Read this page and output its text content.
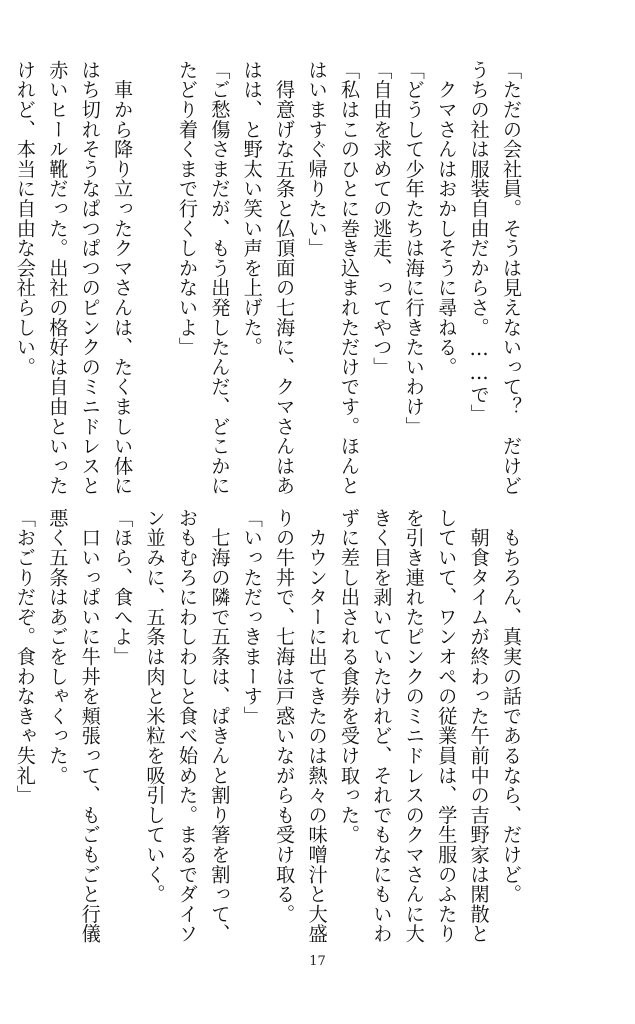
「ただの会社員。そうは見えないって？　だけど
うちの社は服装自由だからさ。……で」
　クマさんはおかしそうに尋ねる。
「どうして少年たちは海に行きたいわけ」
「自由を求めての逃走、ってやつ」
「私はこのひとに巻き込まれただけです。ほんと
はいますぐ帰りたい」
　得意げな五条と仏頂面の七海に、クマさんはあ
はは、と野太い笑い声を上げた。
「ご愁傷さまだが、もう出発したんだ、どこかに
たどり着くまで行くしかないよ」

　車から降り立ったクマさんは、たくましい体に
はち切れそうなぱつぱつのピンクのミニドレスと
赤いヒール靴だった。出社の格好は自由といった
けれど、本当に自由な会社らしい。
　もちろん、真実の話であるなら、だけど。
　朝食タイムが終わった午前中の吉野家は閑散と
していて、ワンオペの従業員は、学生服のふたり
を引き連れたピンクのミニドレスのクマさんに大
きく目を剥いていたけれど、それでもなにもいわ
ずに差し出される食券を受け取った。
　カウンターに出てきたのは熱々の味噌汁と大盛
りの牛丼で、七海は戸惑いながらも受け取る。
「いっただっきまーす」
　七海の隣で五条は、ぱきんと割り箸を割って、
おもむろにわしわしと食べ始めた。まるでダイソ
ン並みに、五条は肉と米粒を吸引していく。
「ほら、食へよ」
　口いっぱいに牛丼を頬張って、もごもごと行儀
悪く五条はあごをしゃくった。
「おごりだぞ。食わなきゃ失礼」
17
